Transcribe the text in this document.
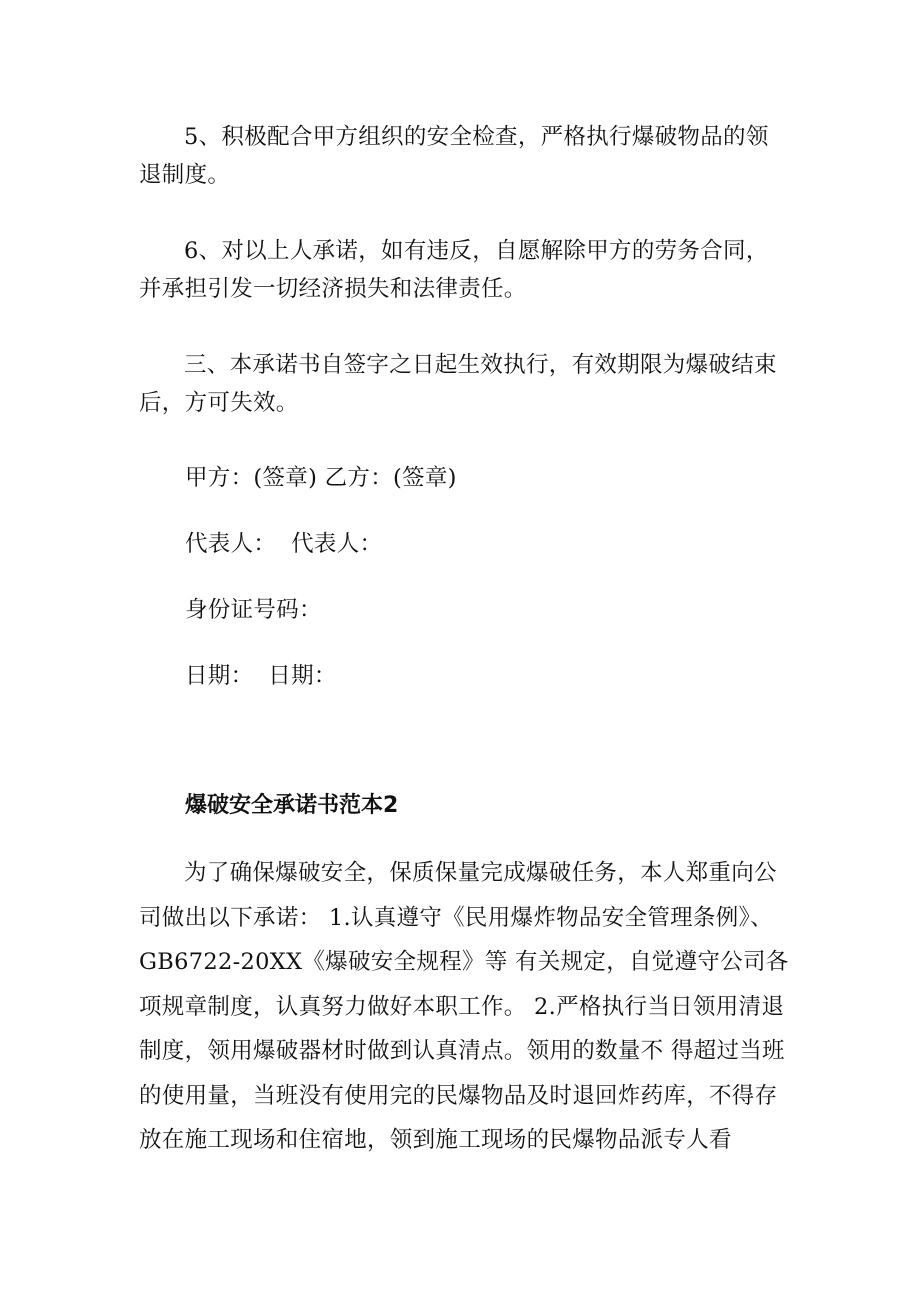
5、积极配合甲方组织的安全检查，严格执行爆破物品的领退制度。

6、对以上人承诺，如有违反，自愿解除甲方的劳务合同，并承担引发一切经济损失和法律责任。

三、本承诺书自签字之日起生效执行，有效期限为爆破结束后，方可失效。

甲方：(签章) 乙方：(签章)

代表人：  代表人：

身份证号码：

日期：  日期：

爆破安全承诺书范本2

为了确保爆破安全，保质保量完成爆破任务，本人郑重向公司做出以下承诺： 1.认真遵守《民用爆炸物品安全管理条例》、GB6722-20XX《爆破安全规程》等 有关规定，自觉遵守公司各项规章制度，认真努力做好本职工作。 2.严格执行当日领用清退制度，领用爆破器材时做到认真清点。领用的数量不 得超过当班的使用量，当班没有使用完的民爆物品及时退回炸药库，不得存 放在施工现场和住宿地，领到施工现场的民爆物品派专人看
